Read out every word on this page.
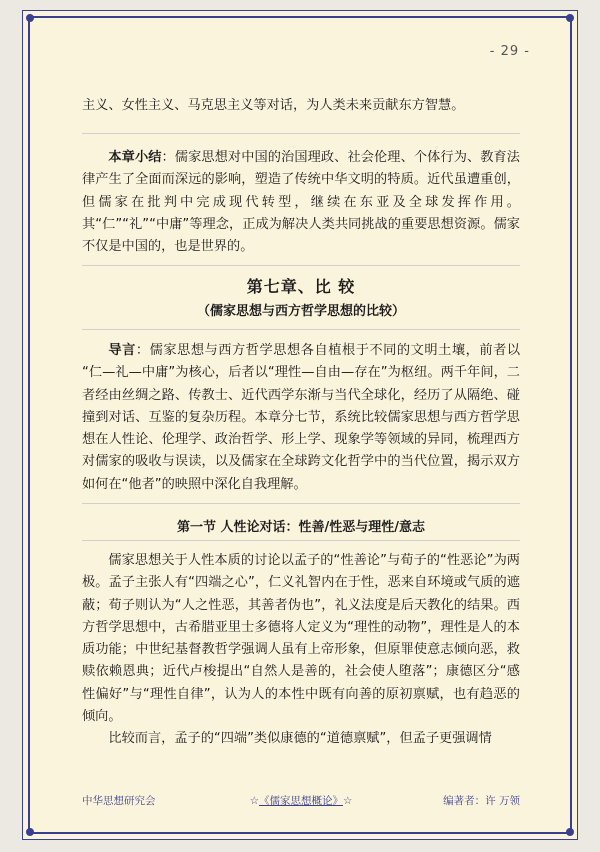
- 29 -

主义、女性主义、马克思主义等对话，为人类未来贡献东方智慧。

本章小结：儒家思想对中国的治国理政、社会伦理、个体行为、教育法律产生了全面而深远的影响，塑造了传统中华文明的特质。近代虽遭重创，但儒家在批判中完成现代转型，继续在东亚及全球发挥作用。其“仁”“礼”“中庸”等理念，正成为解决人类共同挑战的重要思想资源。儒家不仅是中国的，也是世界的。

第七章、比 较
（儒家思想与西方哲学思想的比较）

导言：儒家思想与西方哲学思想各自植根于不同的文明土壤，前者以 “仁—礼—中庸”为核心，后者以“理性—自由—存在”为枢纽。两千年间，二者经由丝绸之路、传教士、近代西学东渐与当代全球化，经历了从隔绝、碰撞到对话、互鉴的复杂历程。本章分七节，系统比较儒家思想与西方哲学思想在人性论、伦理学、政治哲学、形上学、现象学等领域的异同，梳理西方对儒家的吸收与误读，以及儒家在全球跨文化哲学中的当代位置，揭示双方如何在“他者”的映照中深化自我理解。

第一节 人性论对话：性善/性恶与理性/意志

儒家思想关于人性本质的讨论以孟子的“性善论”与荀子的“性恶论”为两极。孟子主张人有“四端之心”，仁义礼智内在于性，恶来自环境或气质的遮蔽；荀子则认为“人之性恶，其善者伪也”，礼义法度是后天教化的结果。西方哲学思想中，古希腊亚里士多德将人定义为“理性的动物”，理性是人的本质功能；中世纪基督教哲学强调人虽有上帝形象，但原罪使意志倾向恶，救赎依赖恩典；近代卢梭提出“自然人是善的，社会使人堕落”；康德区分“感性偏好”与“理性自律”，认为人的本性中既有向善的原初禀赋，也有趋恶的倾向。

比较而言，孟子的“四端”类似康德的“道德禀赋”，但孟子更强调情

中华思想研究会	☆《儒家思想概论》☆	编著者：许 万领
